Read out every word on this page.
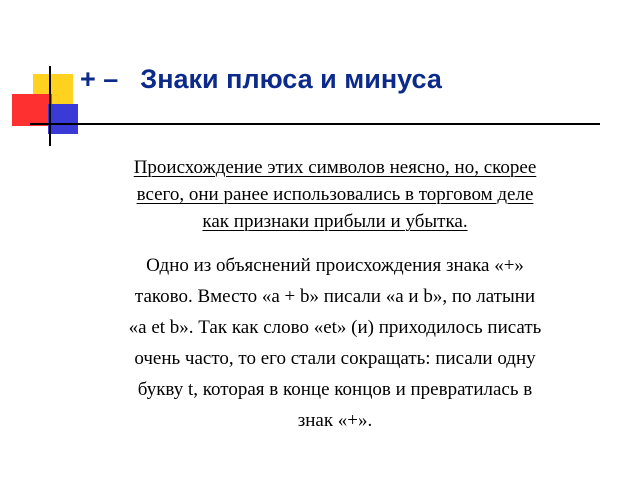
+ – Знаки плюса и минуса
Происхождение этих символов неясно, но, скорее
всего, они ранее использовались в торговом деле
как признаки прибыли и убытка.
Одно из объяснений происхождения знака «+»
таково. Вместо «a + b» писали «a и b», по латыни
«a et b». Так как слово «et» (и) приходилось писать
очень часто, то его стали сокращать: писали одну
букву t, которая в конце концов и превратилась в
знак «+».
